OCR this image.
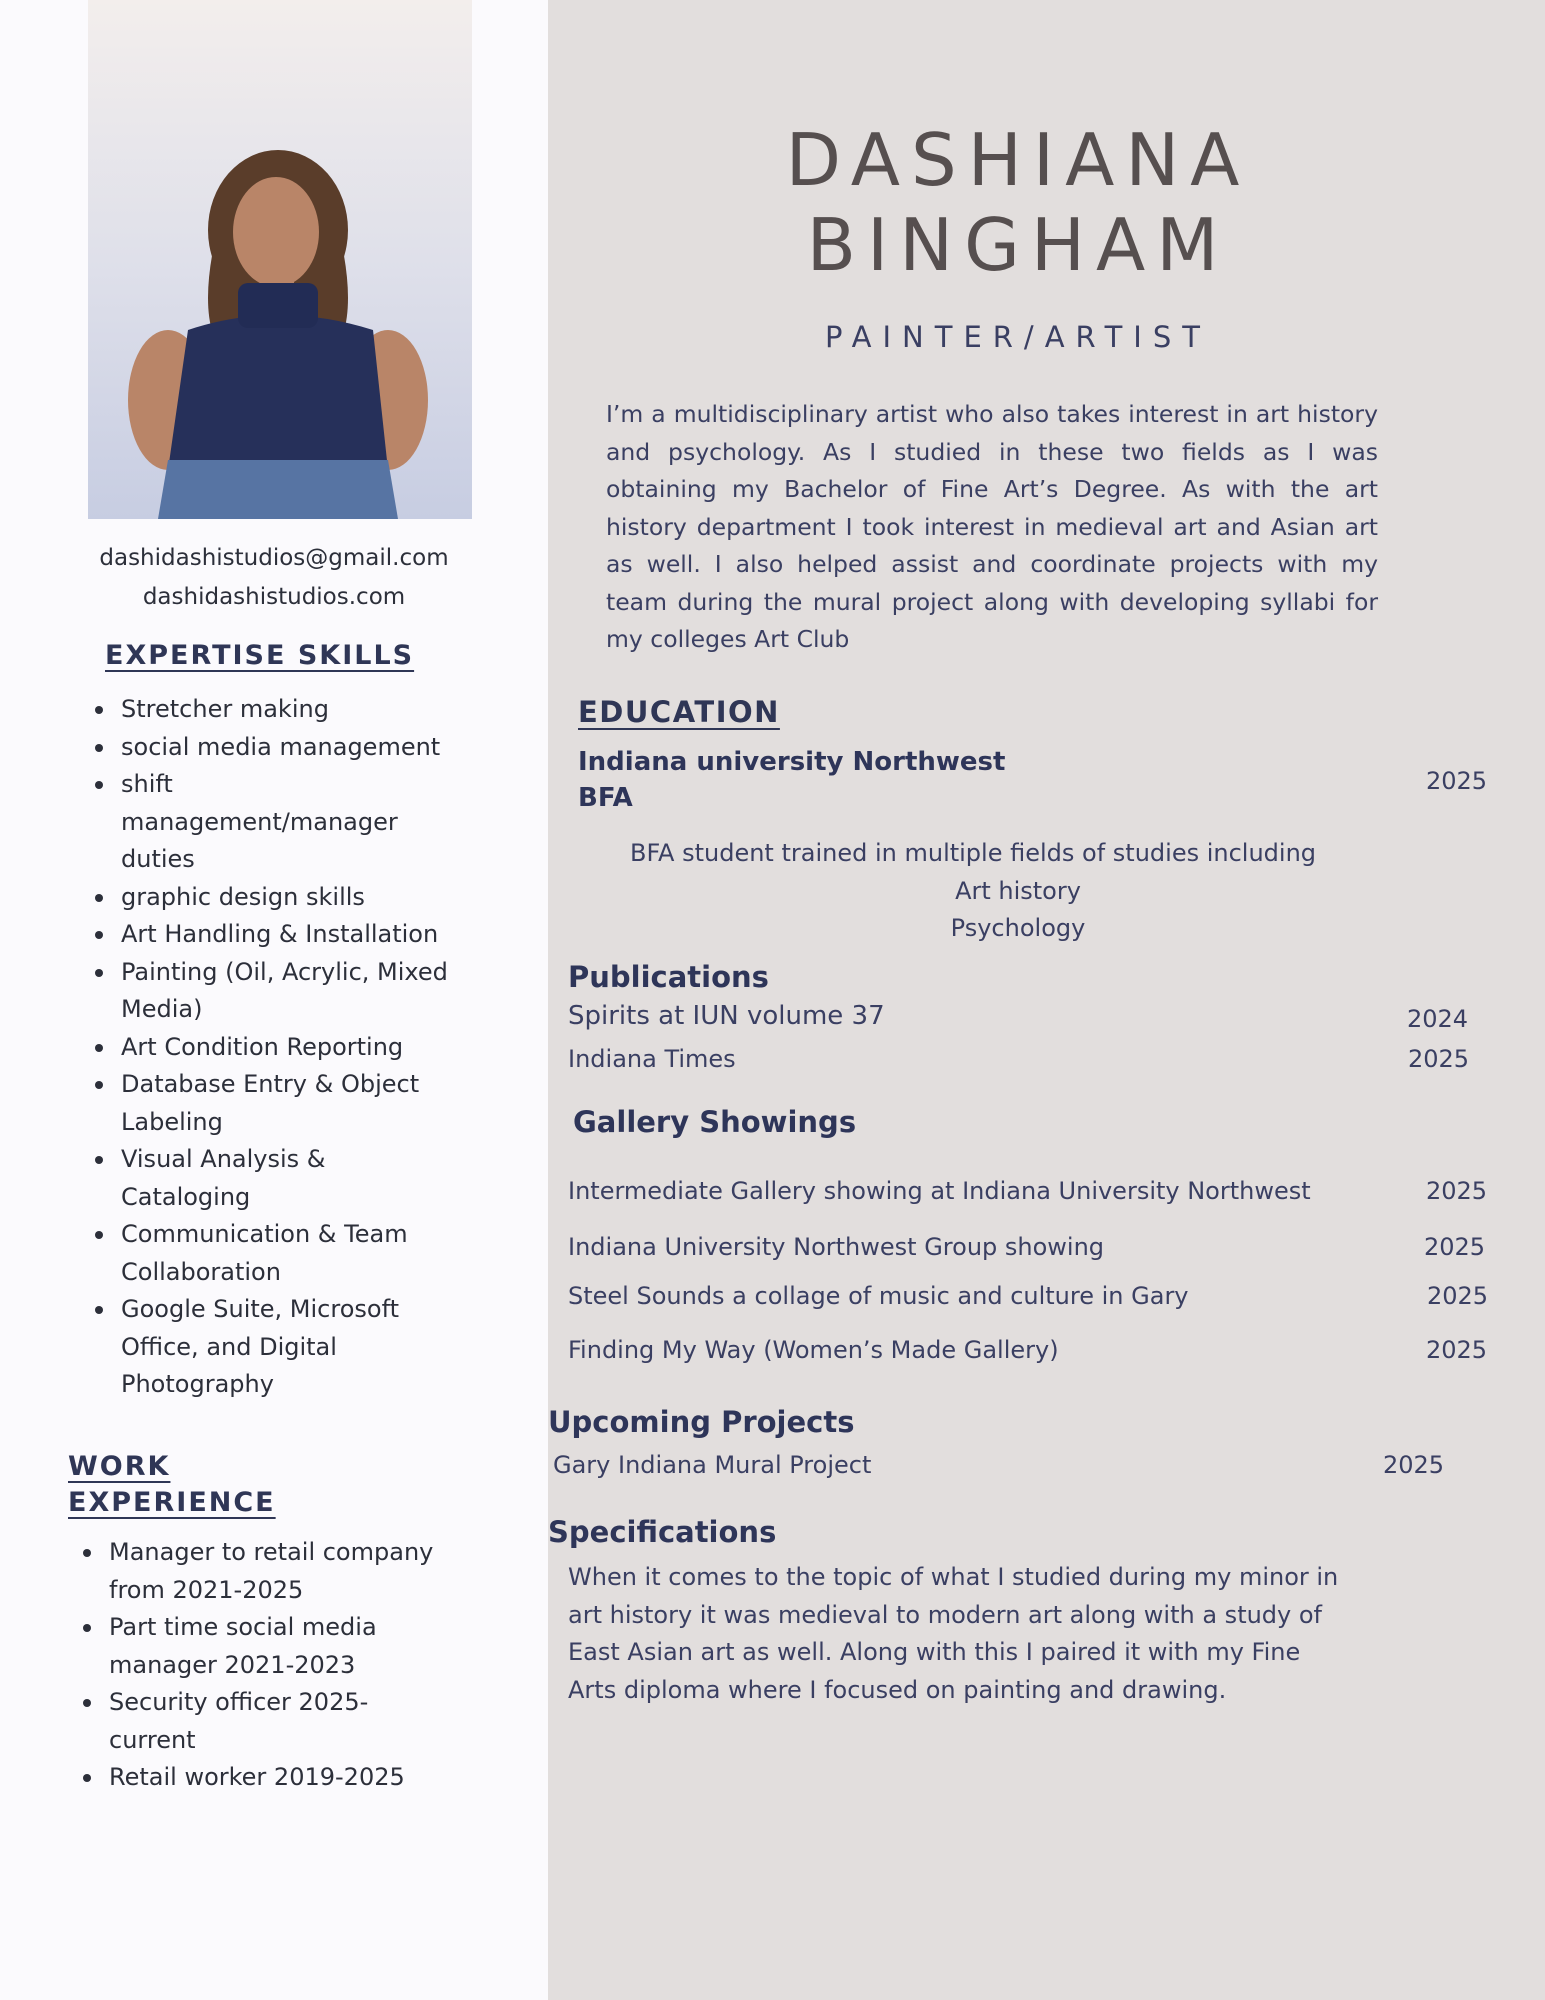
dashidashistudios@gmail.com
dashidashistudios.com
EXPERTISE SKILLS
Stretcher making
social media management
shift management/manager duties
graphic design skills
Art Handling & Installation
Painting (Oil, Acrylic, Mixed Media)
Art Condition Reporting
Database Entry & Object Labeling
Visual Analysis & Cataloging
Communication & Team Collaboration
Google Suite, Microsoft Office, and Digital Photography
WORK
EXPERIENCE
Manager to retail company from 2021-2025
Part time social media manager 2021-2023
Security officer 2025-current
Retail worker 2019-2025
DASHIANA
BINGHAM
PAINTER/ARTIST
I’m a multidisciplinary artist who also takes interest in art history and psychology. As I studied in these two fields as I was obtaining my Bachelor of Fine Art’s Degree. As with the art history department I took interest in medieval art and Asian art as well. I also helped assist and coordinate projects with my team during the mural project along with developing syllabi for my colleges Art Club
EDUCATION
Indiana university Northwest
BFA
2025
BFA student trained in multiple fields of studies including
Art history
Psychology
Publications
Spirits at IUN volume 37	2024
Indiana Times	2025
Gallery Showings
Intermediate Gallery showing at Indiana University Northwest	2025
Indiana University Northwest Group showing	2025
Steel Sounds a collage of music and culture in Gary	2025
Finding My Way (Women’s Made Gallery)	2025
Upcoming Projects
Gary Indiana Mural Project	2025
Specifications
When it comes to the topic of what I studied during my minor in art history it was medieval to modern art along with a study of East Asian art as well. Along with this I paired it with my Fine Arts diploma where I focused on painting and drawing.
